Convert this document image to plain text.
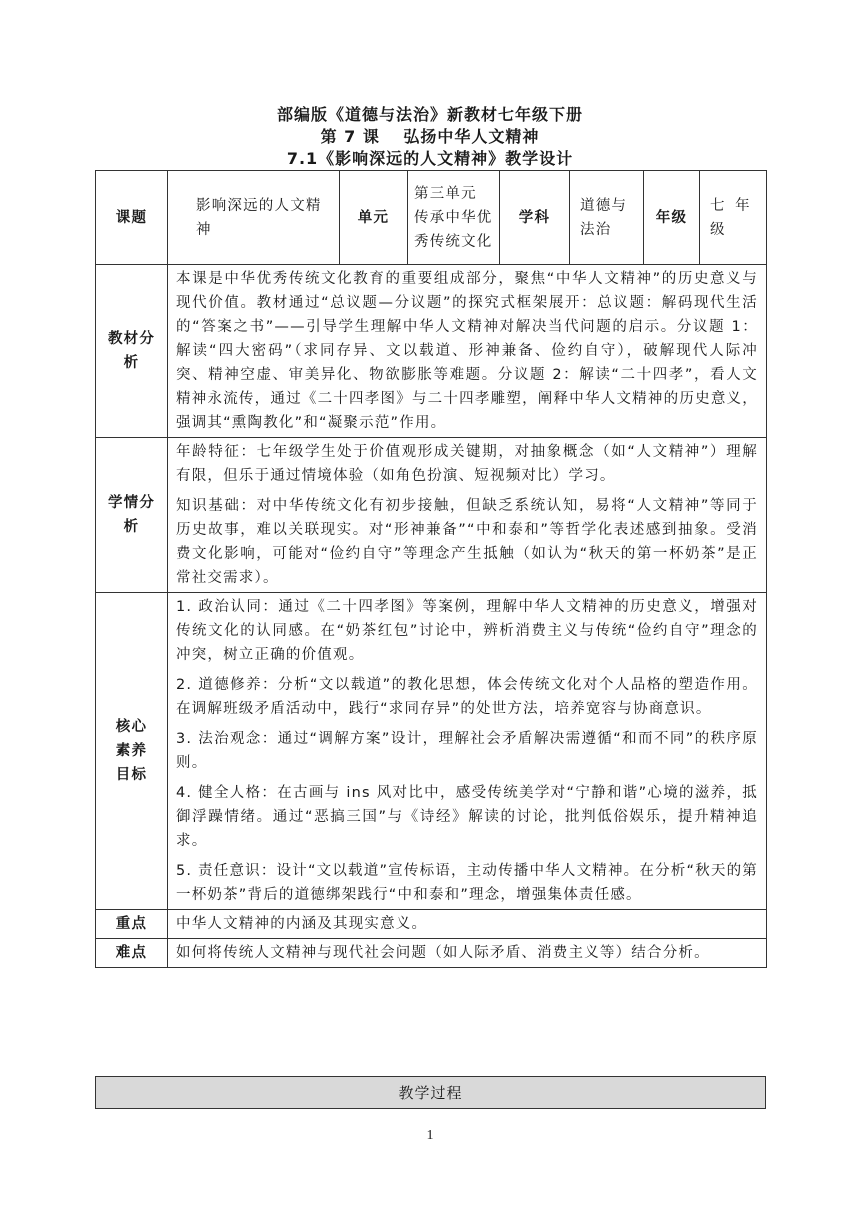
部编版《道德与法治》新教材七年级下册
第 7 课　 弘扬中华人文精神
7.1《影响深远的人文精神》教学设计
课题	影响深远的人文精神	单元	第三单元 传承中华优秀传统文化	学科	道德与法治	年级	七 年级
教材分析	本课是中华优秀传统文化教育的重要组成部分，聚焦“中华人文精神”的历史意义与现代价值。教材通过“总议题—分议题”的探究式框架展开：总议题：解码现代生活的“答案之书”——引导学生理解中华人文精神对解决当代问题的启示。分议题 1：解读“四大密码”（求同存异、文以载道、形神兼备、俭约自守），破解现代人际冲突、精神空虚、审美异化、物欲膨胀等难题。分议题 2：解读“二十四孝”，看人文精神永流传，通过《二十四孝图》与二十四孝雕塑，阐释中华人文精神的历史意义，强调其“熏陶教化”和“凝聚示范”作用。						
学情分析	年龄特征：七年级学生处于价值观形成关键期，对抽象概念（如“人文精神”）理解有限，但乐于通过情境体验（如角色扮演、短视频对比）学习。

知识基础：对中华传统文化有初步接触，但缺乏系统认知，易将“人文精神”等同于历史故事，难以关联现实。对“形神兼备”“中和泰和”等哲学化表述感到抽象。受消费文化影响，可能对“俭约自守”等理念产生抵触（如认为“秋天的第一杯奶茶”是正常社交需求）。						

核心素养目标	1. 政治认同：通过《二十四孝图》等案例，理解中华人文精神的历史意义，增强对传统文化的认同感。在“奶茶红包”讨论中，辨析消费主义与传统“俭约自守”理念的冲突，树立正确的价值观。

2. 道德修养：分析“文以载道”的教化思想，体会传统文化对个人品格的塑造作用。在调解班级矛盾活动中，践行“求同存异”的处世方法，培养宽容与协商意识。

3. 法治观念：通过“调解方案”设计，理解社会矛盾解决需遵循“和而不同”的秩序原则。

4. 健全人格：在古画与 ins 风对比中，感受传统美学对“宁静和谐”心境的滋养，抵御浮躁情绪。通过“恶搞三国”与《诗经》解读的讨论，批判低俗娱乐，提升精神追求。

5. 责任意识：设计“文以载道”宣传标语，主动传播中华人文精神。在分析“秋天的第一杯奶茶”背后的道德绑架践行“中和泰和”理念，增强集体责任感。						

重点	中华人文精神的内涵及其现实意义。						
难点	如何将传统人文精神与现代社会问题（如人际矛盾、消费主义等）结合分析。						
教学过程
1
